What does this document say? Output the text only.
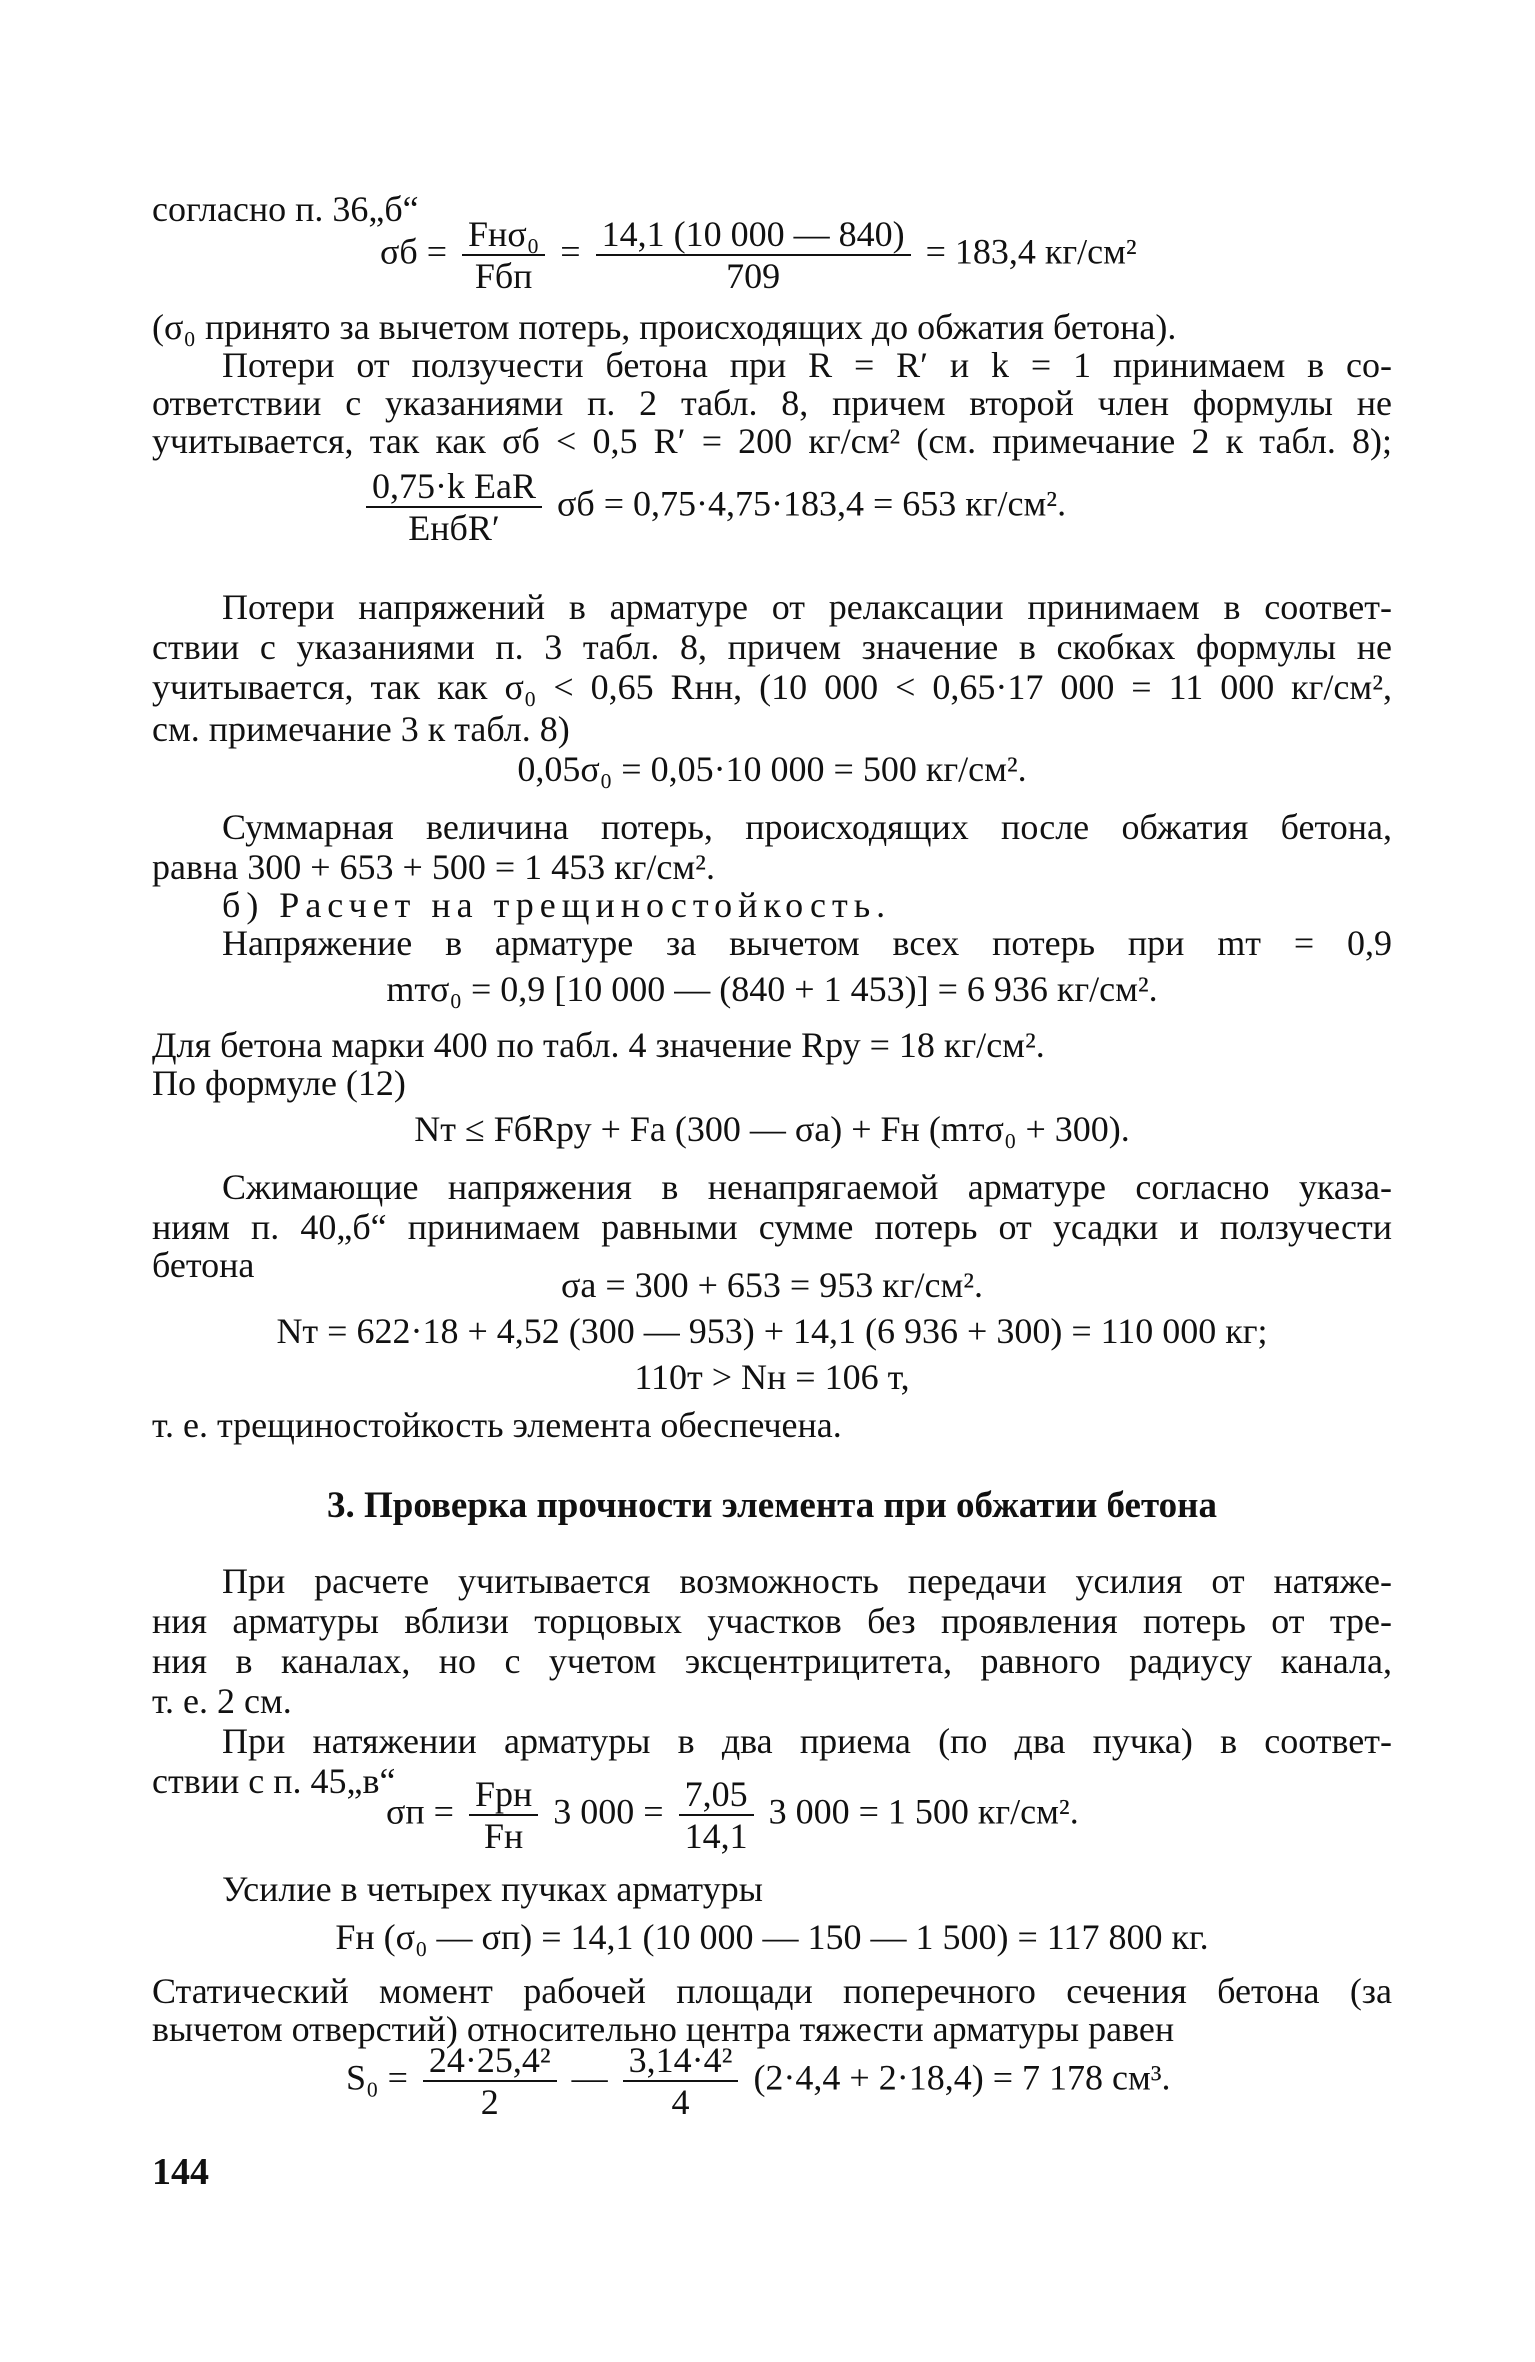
согласно п. 36„б“
$\sigma б = \frac{\text{Fнσ₀}}{\text{Fбп}} = \frac{14,1 (10 000 — 840)}{709} = 183,4$ кг/см²
(σ₀ принято за вычетом потерь, происходящих до обжатия бетона).
Потери от ползучести бетона при R = R′ и k = 1 принимаем в со-
ответствии с указаниями п. 2 табл. 8, причем второй член формулы не
учитывается, так как σб < 0,5 R′ = 200 кг/см² (см. примечание 2 к табл. 8);
$\frac{\text{0,75·k EаR}}{\text{EнбR′}}$ σб = 0,75·4,75·183,4 = 653 кг/см².
Потери напряжений в арматуре от релаксации принимаем в соответ-
ствии с указаниями п. 3 табл. 8, причем значение в скобках формулы не
учитывается, так как σ₀ < 0,65 Rнн, (10 000 < 0,65·17 000 = 11 000 кг/см²,
см. примечание 3 к табл. 8)
0,05σ₀ = 0,05·10 000 = 500 кг/см².
Суммарная величина потерь, происходящих после обжатия бетона,
равна 300 + 653 + 500 = 1 453 кг/см².
б) Расчет на трещиностойкость.
Напряжение в арматуре за вычетом всех потерь при mт = 0,9
mтσ₀ = 0,9 [10 000 — (840 + 1 453)] = 6 936 кг/см².
Для бетона марки 400 по табл. 4 значение Rру = 18 кг/см².
По формуле (12)
Nт ≤ FбRру + Fа (300 — σа) + Fн (mтσ₀ + 300).
Сжимающие напряжения в ненапрягаемой арматуре согласно указа-
ниям п. 40„б“ принимаем равными сумме потерь от усадки и ползучести
бетона	σа = 300 + 653 = 953 кг/см².
Nт = 622·18 + 4,52 (300 — 953) + 14,1 (6 936 + 300) = 110 000 кг;
110т > Nн = 106 т,
т. е. трещиностойкость элемента обеспечена.
3. Проверка прочности элемента при обжатии бетона
При расчете учитывается возможность передачи усилия от натяже-
ния арматуры вблизи торцовых участков без проявления потерь от тре-
ния в каналах, но с учетом эксцентрицитета, равного радиусу канала,
т. е. 2 см.
При натяжении арматуры в два приема (по два пучка) в соответ-
ствии с п. 45„в“
$\sigma п = \frac{\text{Fрн}}{Fн} 3$ $000 = \frac{7,05}{14,1} 3$ 000 = 1 500 кг/см².
Усилие в четырех пучках арматуры
Fн (σ₀ — σп) = 14,1 (10 000 — 150 — 1 500) = 117 800 кг.
Статический момент рабочей площади поперечного сечения бетона (за
вычетом отверстий) относительно центра тяжести арматуры равен
$S_0 = \frac{\text{24·25,4²}}{2}$ — $\frac{\text{3,14·4²}}{4} (2\cdot 4,4 + 2\cdot 18,4) = 7$ 178 см³.
144
